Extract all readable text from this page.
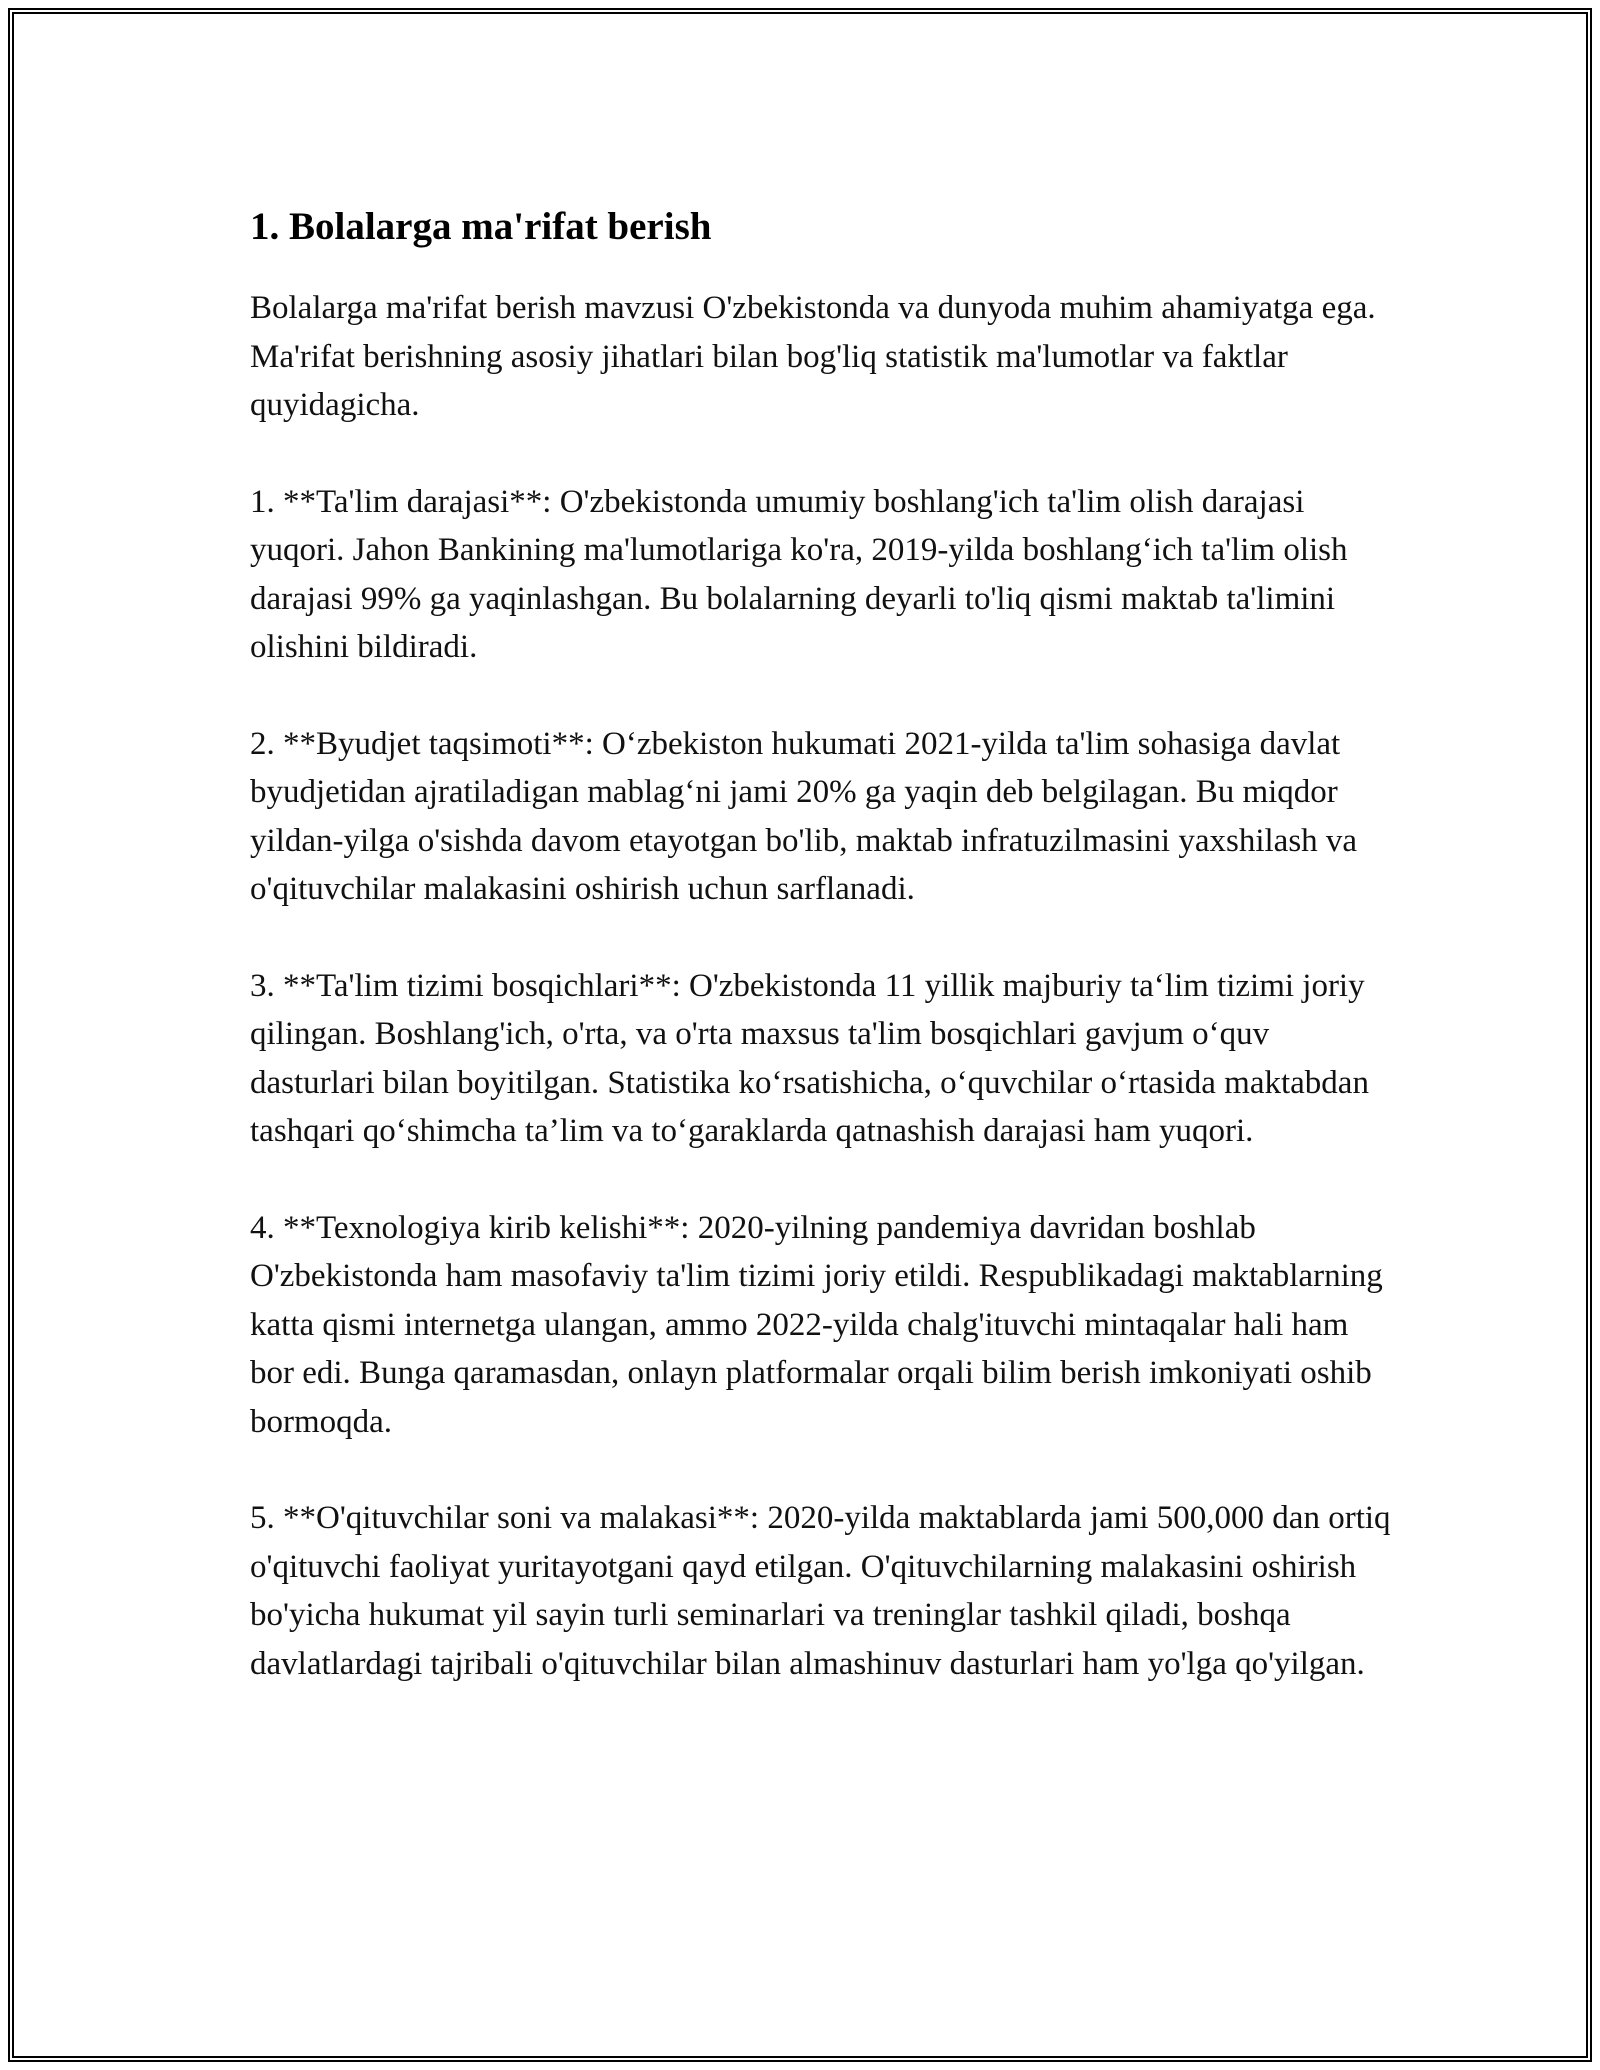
1. Bolalarga ma'rifat berish

Bolalarga ma'rifat berish mavzusi O'zbekistonda va dunyoda muhim ahamiyatga ega. Ma'rifat berishning asosiy jihatlari bilan bog'liq statistik ma'lumotlar va faktlar quyidagicha.

1. **Ta'lim darajasi**: O'zbekistonda umumiy boshlang'ich ta'lim olish darajasi yuqori. Jahon Bankining ma'lumotlariga ko'ra, 2019-yilda boshlang‘ich ta'lim olish darajasi 99% ga yaqinlashgan. Bu bolalarning deyarli to'liq qismi maktab ta'limini olishini bildiradi.

2. **Byudjet taqsimoti**: O‘zbekiston hukumati 2021-yilda ta'lim sohasiga davlat byudjetidan ajratiladigan mablag‘ni jami 20% ga yaqin deb belgilagan. Bu miqdor yildan-yilga o'sishda davom etayotgan bo'lib, maktab infratuzilmasini yaxshilash va o'qituvchilar malakasini oshirish uchun sarflanadi.

3. **Ta'lim tizimi bosqichlari**: O'zbekistonda 11 yillik majburiy ta‘lim tizimi joriy qilingan. Boshlang'ich, o'rta, va o'rta maxsus ta'lim bosqichlari gavjum o‘quv dasturlari bilan boyitilgan. Statistika ko‘rsatishicha, o‘quvchilar o‘rtasida maktabdan tashqari qo‘shimcha ta’lim va to‘garaklarda qatnashish darajasi ham yuqori.

4. **Texnologiya kirib kelishi**: 2020-yilning pandemiya davridan boshlab O'zbekistonda ham masofaviy ta'lim tizimi joriy etildi. Respublikadagi maktablarning katta qismi internetga ulangan, ammo 2022-yilda chalg'ituvchi mintaqalar hali ham bor edi. Bunga qaramasdan, onlayn platformalar orqali bilim berish imkoniyati oshib bormoqda.

5. **O'qituvchilar soni va malakasi**: 2020-yilda maktablarda jami 500,000 dan ortiq o'qituvchi faoliyat yuritayotgani qayd etilgan. O'qituvchilarning malakasini oshirish bo'yicha hukumat yil sayin turli seminarlari va treninglar tashkil qiladi, boshqa davlatlardagi tajribali o'qituvchilar bilan almashinuv dasturlari ham yo'lga qo'yilgan.
